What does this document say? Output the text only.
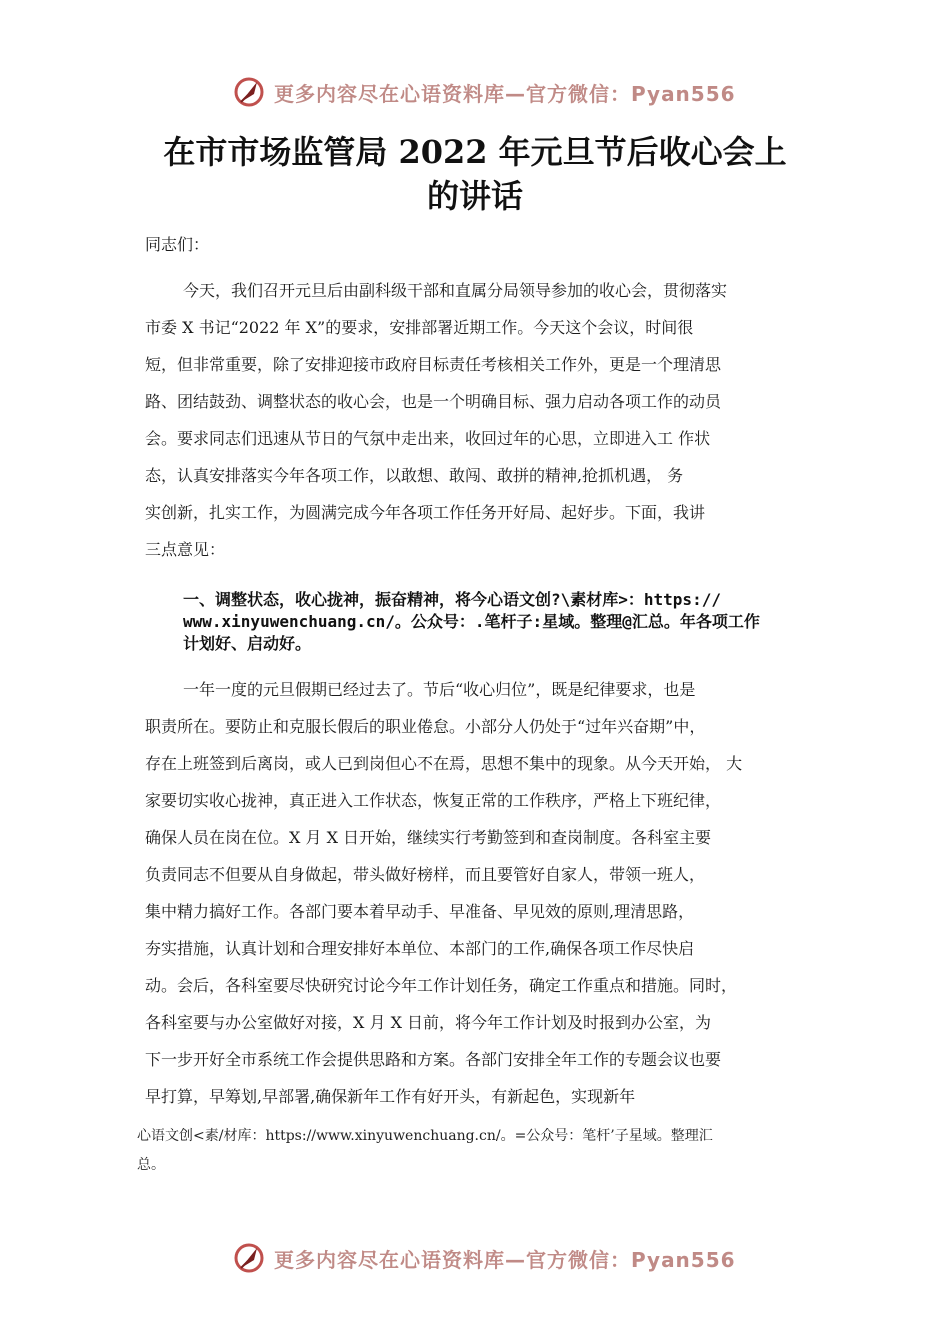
更多内容尽在心语资料库—官方微信：Pyan556
在市市场监管局 2022 年元旦节后收心会上
的讲话
同志们：
今天，我们召开元旦后由副科级干部和直属分局领导参加的收心会，贯彻落实
市委 X 书记“2022 年 X”的要求，安排部署近期工作。今天这个会议，时间很
短，但非常重要，除了安排迎接市政府目标责任考核相关工作外，更是一个理清思
路、团结鼓劲、调整状态的收心会，也是一个明确目标、强力启动各项工作的动员
会。要求同志们迅速从节日的气氛中走出来，收回过年的心思，立即进入工 作状
态，认真安排落实今年各项工作，以敢想、敢闯、敢拼的精神,抢抓机遇， 务
实创新，扎实工作，为圆满完成今年各项工作任务开好局、起好步。下面，我讲
三点意见：
一、调整状态，收心拢神，振奋精神，将今心语文创?\素材库>：https://
www.xinyuwenchuang.cn/。公众号：.笔杆子:星域。整理@汇总。年各项工作
计划好、启动好。
一年一度的元旦假期已经过去了。节后“收心归位”，既是纪律要求，也是
职责所在。要防止和克服长假后的职业倦怠。小部分人仍处于“过年兴奋期”中，
存在上班签到后离岗，或人已到岗但心不在焉，思想不集中的现象。从今天开始， 大
家要切实收心拢神，真正进入工作状态，恢复正常的工作秩序，严格上下班纪律，
确保人员在岗在位。X 月 X 日开始，继续实行考勤签到和查岗制度。各科室主要
负责同志不但要从自身做起，带头做好榜样，而且要管好自家人，带领一班人，
集中精力搞好工作。各部门要本着早动手、早准备、早见效的原则,理清思路，
夯实措施，认真计划和合理安排好本单位、本部门的工作,确保各项工作尽快启
动。会后，各科室要尽快研究讨论今年工作计划任务，确定工作重点和措施。同时，
各科室要与办公室做好对接，X 月 X 日前，将今年工作计划及时报到办公室，为
下一步开好全市系统工作会提供思路和方案。各部门安排全年工作的专题会议也要
早打算，早筹划,早部署,确保新年工作有好开头，有新起色，实现新年
心语文创<素/材库：https://www.xinyuwenchuang.cn/。=公众号：笔杆’子星域。整理汇
总。
更多内容尽在心语资料库—官方微信：Pyan556
